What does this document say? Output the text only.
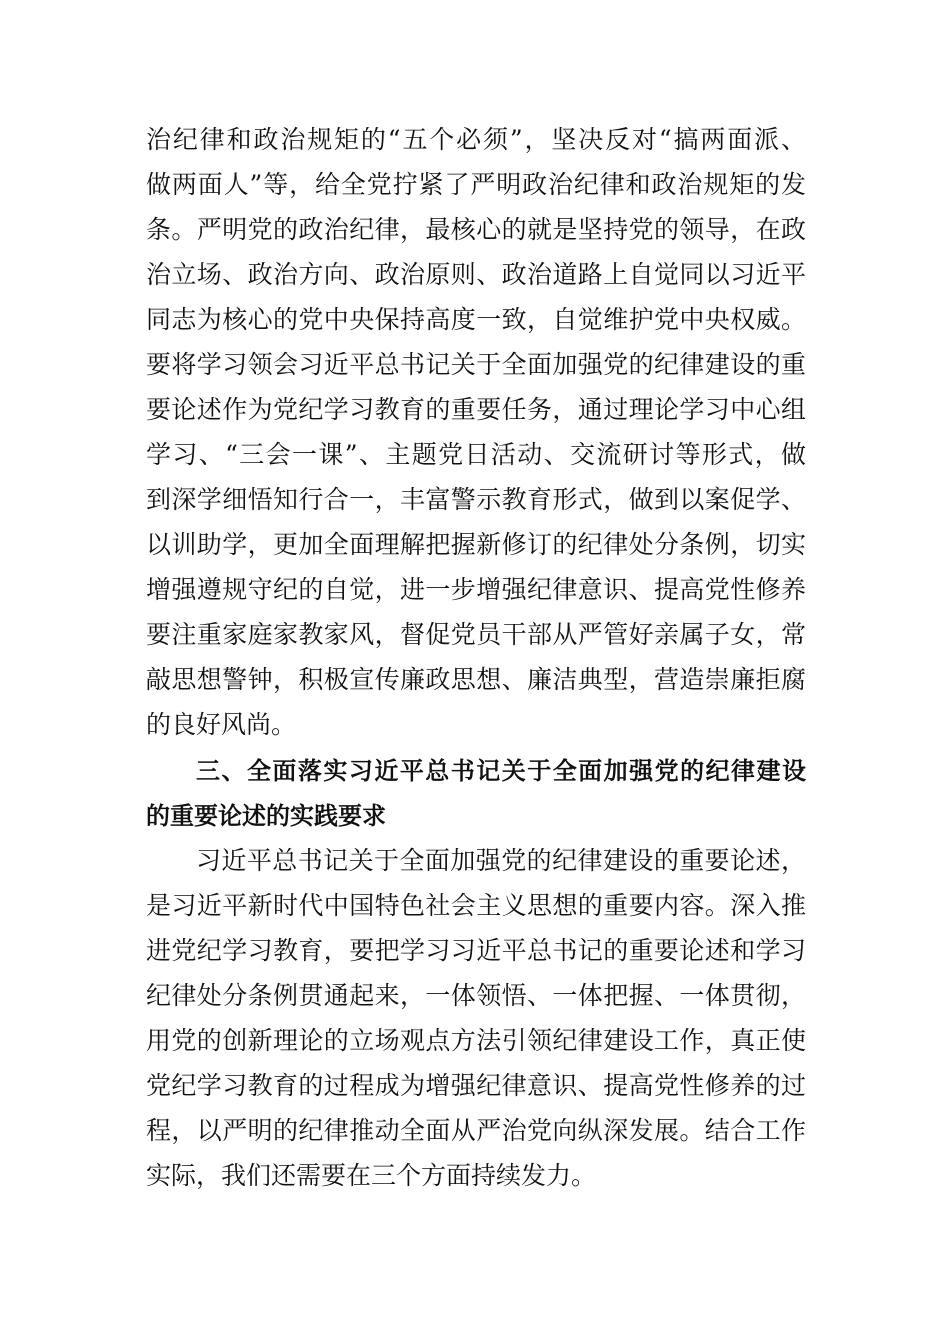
治纪律和政治规矩的“五个必须”，坚决反对“搞两面派、
做两面人”等，给全党拧紧了严明政治纪律和政治规矩的发
条。严明党的政治纪律，最核心的就是坚持党的领导，在政
治立场、政治方向、政治原则、政治道路上自觉同以习近平
同志为核心的党中央保持高度一致，自觉维护党中央权威。
要将学习领会习近平总书记关于全面加强党的纪律建设的重
要论述作为党纪学习教育的重要任务，通过理论学习中心组
学习、“三会一课”、主题党日活动、交流研讨等形式，做
到深学细悟知行合一，丰富警示教育形式，做到以案促学、
以训助学，更加全面理解把握新修订的纪律处分条例，切实
增强遵规守纪的自觉，进一步增强纪律意识、提高党性修养
要注重家庭家教家风，督促党员干部从严管好亲属子女，常
敲思想警钟，积极宣传廉政思想、廉洁典型，营造崇廉拒腐
的良好风尚。
三、全面落实习近平总书记关于全面加强党的纪律建设
的重要论述的实践要求
习近平总书记关于全面加强党的纪律建设的重要论述，
是习近平新时代中国特色社会主义思想的重要内容。深入推
进党纪学习教育，要把学习习近平总书记的重要论述和学习
纪律处分条例贯通起来，一体领悟、一体把握、一体贯彻，
用党的创新理论的立场观点方法引领纪律建设工作，真正使
党纪学习教育的过程成为增强纪律意识、提高党性修养的过
程，以严明的纪律推动全面从严治党向纵深发展。结合工作
实际，我们还需要在三个方面持续发力。
